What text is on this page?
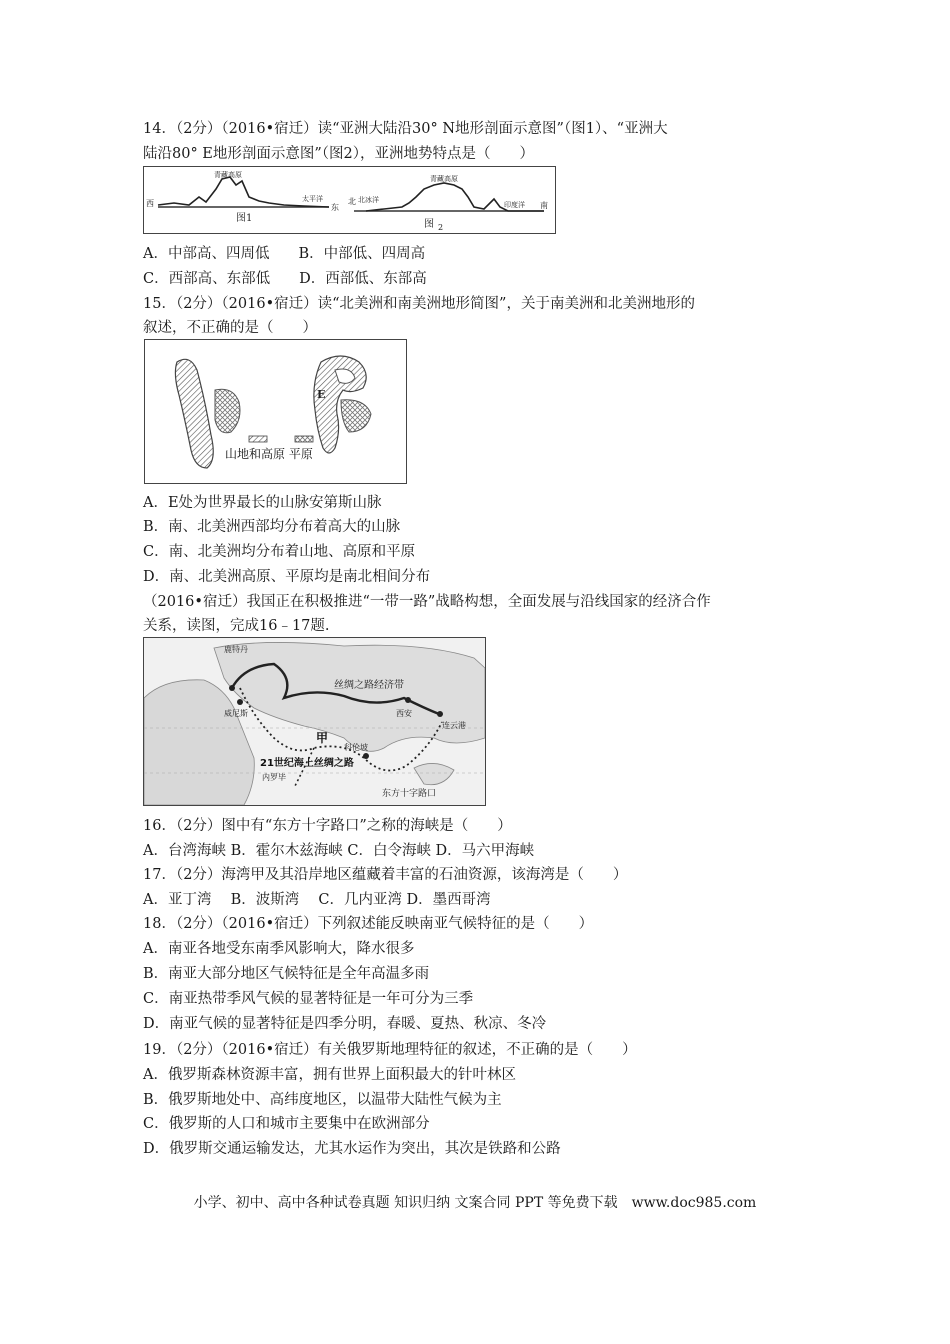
14．（2分）（2016•宿迁）读“亚洲大陆沿30° N地形剖面示意图”（图1）、“亚洲大
陆沿80° E地形剖面示意图”（图2），亚洲地势特点是（　　）
西
青藏高原
太平洋
东
图1
北 北冰洋
青藏高原
印度洋 南
图 2
A．中部高、四周低　　B．中部低、四周高
C．西部高、东部低　　D．西部低、东部高
15．（2分）（2016•宿迁）读“北美洲和南美洲地形简图”，关于南美洲和北美洲地形的
叙述，不正确的是（　　）
E
山地和高原 平原
A．E处为世界最长的山脉安第斯山脉
B．南、北美洲西部均分布着高大的山脉
C．南、北美洲均分布着山地、高原和平原
D．南、北美洲高原、平原均是南北相间分布
（2016•宿迁）我国正在积极推进“一带一路”战略构想，全面发展与沿线国家的经济合作
关系，读图，完成16﹣17题.
鹿特丹
威尼斯
丝绸之路经济带
西安
连云港
甲
科伦坡
21世纪海上丝绸之路
内罗毕
东方十字路口
16．（2分）图中有“东方十字路口”之称的海峡是（　　）
A．台湾海峡 B．霍尔木兹海峡 C．白令海峡 D．马六甲海峡
17．（2分）海湾甲及其沿岸地区蕴藏着丰富的石油资源，该海湾是（　　）
A．亚丁湾　 B．波斯湾　 C．几内亚湾 D．墨西哥湾
18．（2分）（2016•宿迁）下列叙述能反映南亚气候特征的是（　　）
A．南亚各地受东南季风影响大，降水很多
B．南亚大部分地区气候特征是全年高温多雨
C．南亚热带季风气候的显著特征是一年可分为三季
D．南亚气候的显著特征是四季分明，春暖、夏热、秋凉、冬冷
19．（2分）（2016•宿迁）有关俄罗斯地理特征的叙述，不正确的是（　　）
A．俄罗斯森林资源丰富，拥有世界上面积最大的针叶林区
B．俄罗斯地处中、高纬度地区，以温带大陆性气候为主
C．俄罗斯的人口和城市主要集中在欧洲部分
D．俄罗斯交通运输发达，尤其水运作为突出，其次是铁路和公路
小学、初中、高中各种试卷真题 知识归纳 文案合同 PPT 等免费下载　www.doc985.com
